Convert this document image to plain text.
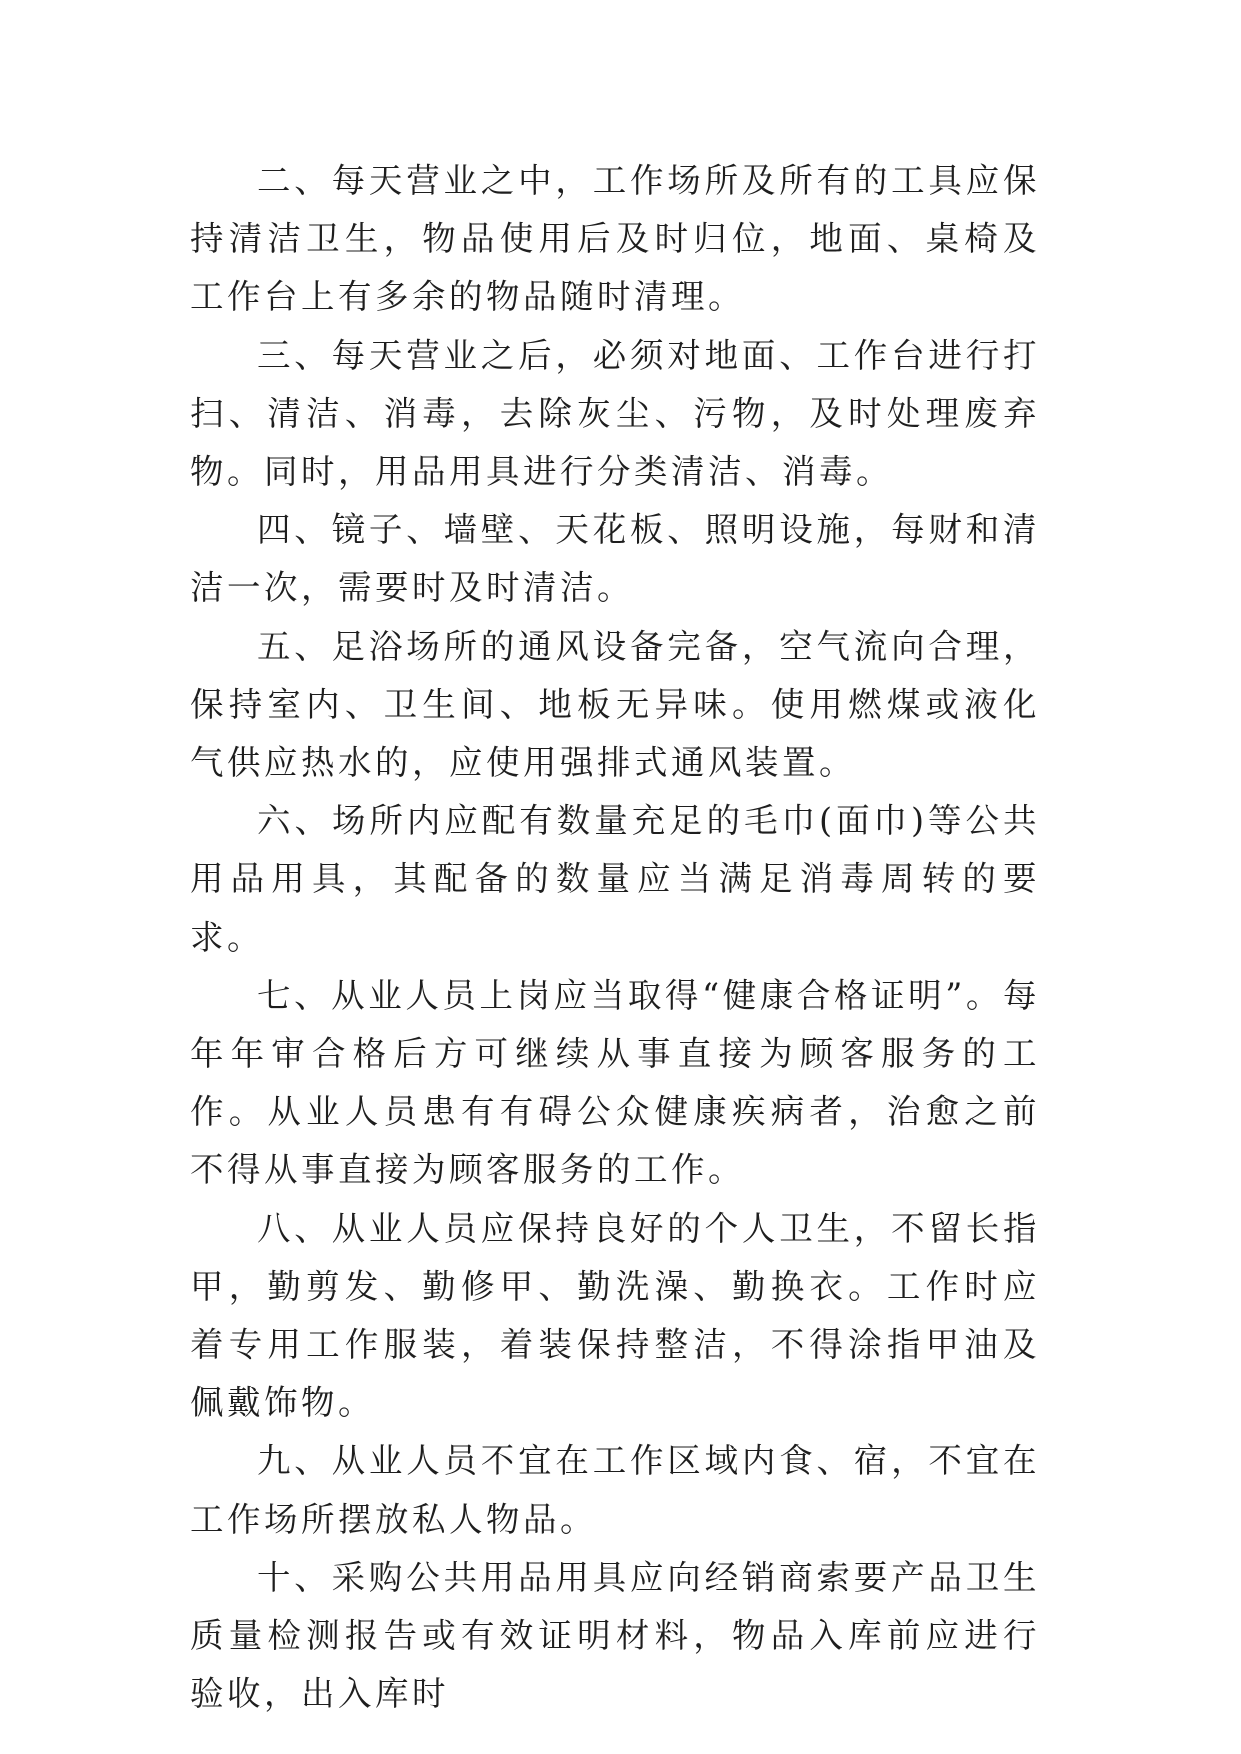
二、每天营业之中，工作场所及所有的工具应保持清洁卫生，物品使用后及时归位，地面、桌椅及工作台上有多余的物品随时清理。

三、每天营业之后，必须对地面、工作台进行打扫、清洁、消毒，去除灰尘、污物，及时处理废弃物。同时，用品用具进行分类清洁、消毒。

四、镜子、墙壁、天花板、照明设施，每财和清洁一次，需要时及时清洁。

五、足浴场所的通风设备完备，空气流向合理，保持室内、卫生间、地板无异味。使用燃煤或液化气供应热水的，应使用强排式通风装置。

六、场所内应配有数量充足的毛巾(面巾)等公共用品用具，其配备的数量应当满足消毒周转的要求。

七、从业人员上岗应当取得“健康合格证明”。每年年审合格后方可继续从事直接为顾客服务的工作。从业人员患有有碍公众健康疾病者，治愈之前不得从事直接为顾客服务的工作。

八、从业人员应保持良好的个人卫生，不留长指甲，勤剪发、勤修甲、勤洗澡、勤换衣。工作时应着专用工作服装，着装保持整洁，不得涂指甲油及佩戴饰物。

九、从业人员不宜在工作区域内食、宿，不宜在工作场所摆放私人物品。

十、采购公共用品用具应向经销商索要产品卫生质量检测报告或有效证明材料，物品入库前应进行验收，出入库时
